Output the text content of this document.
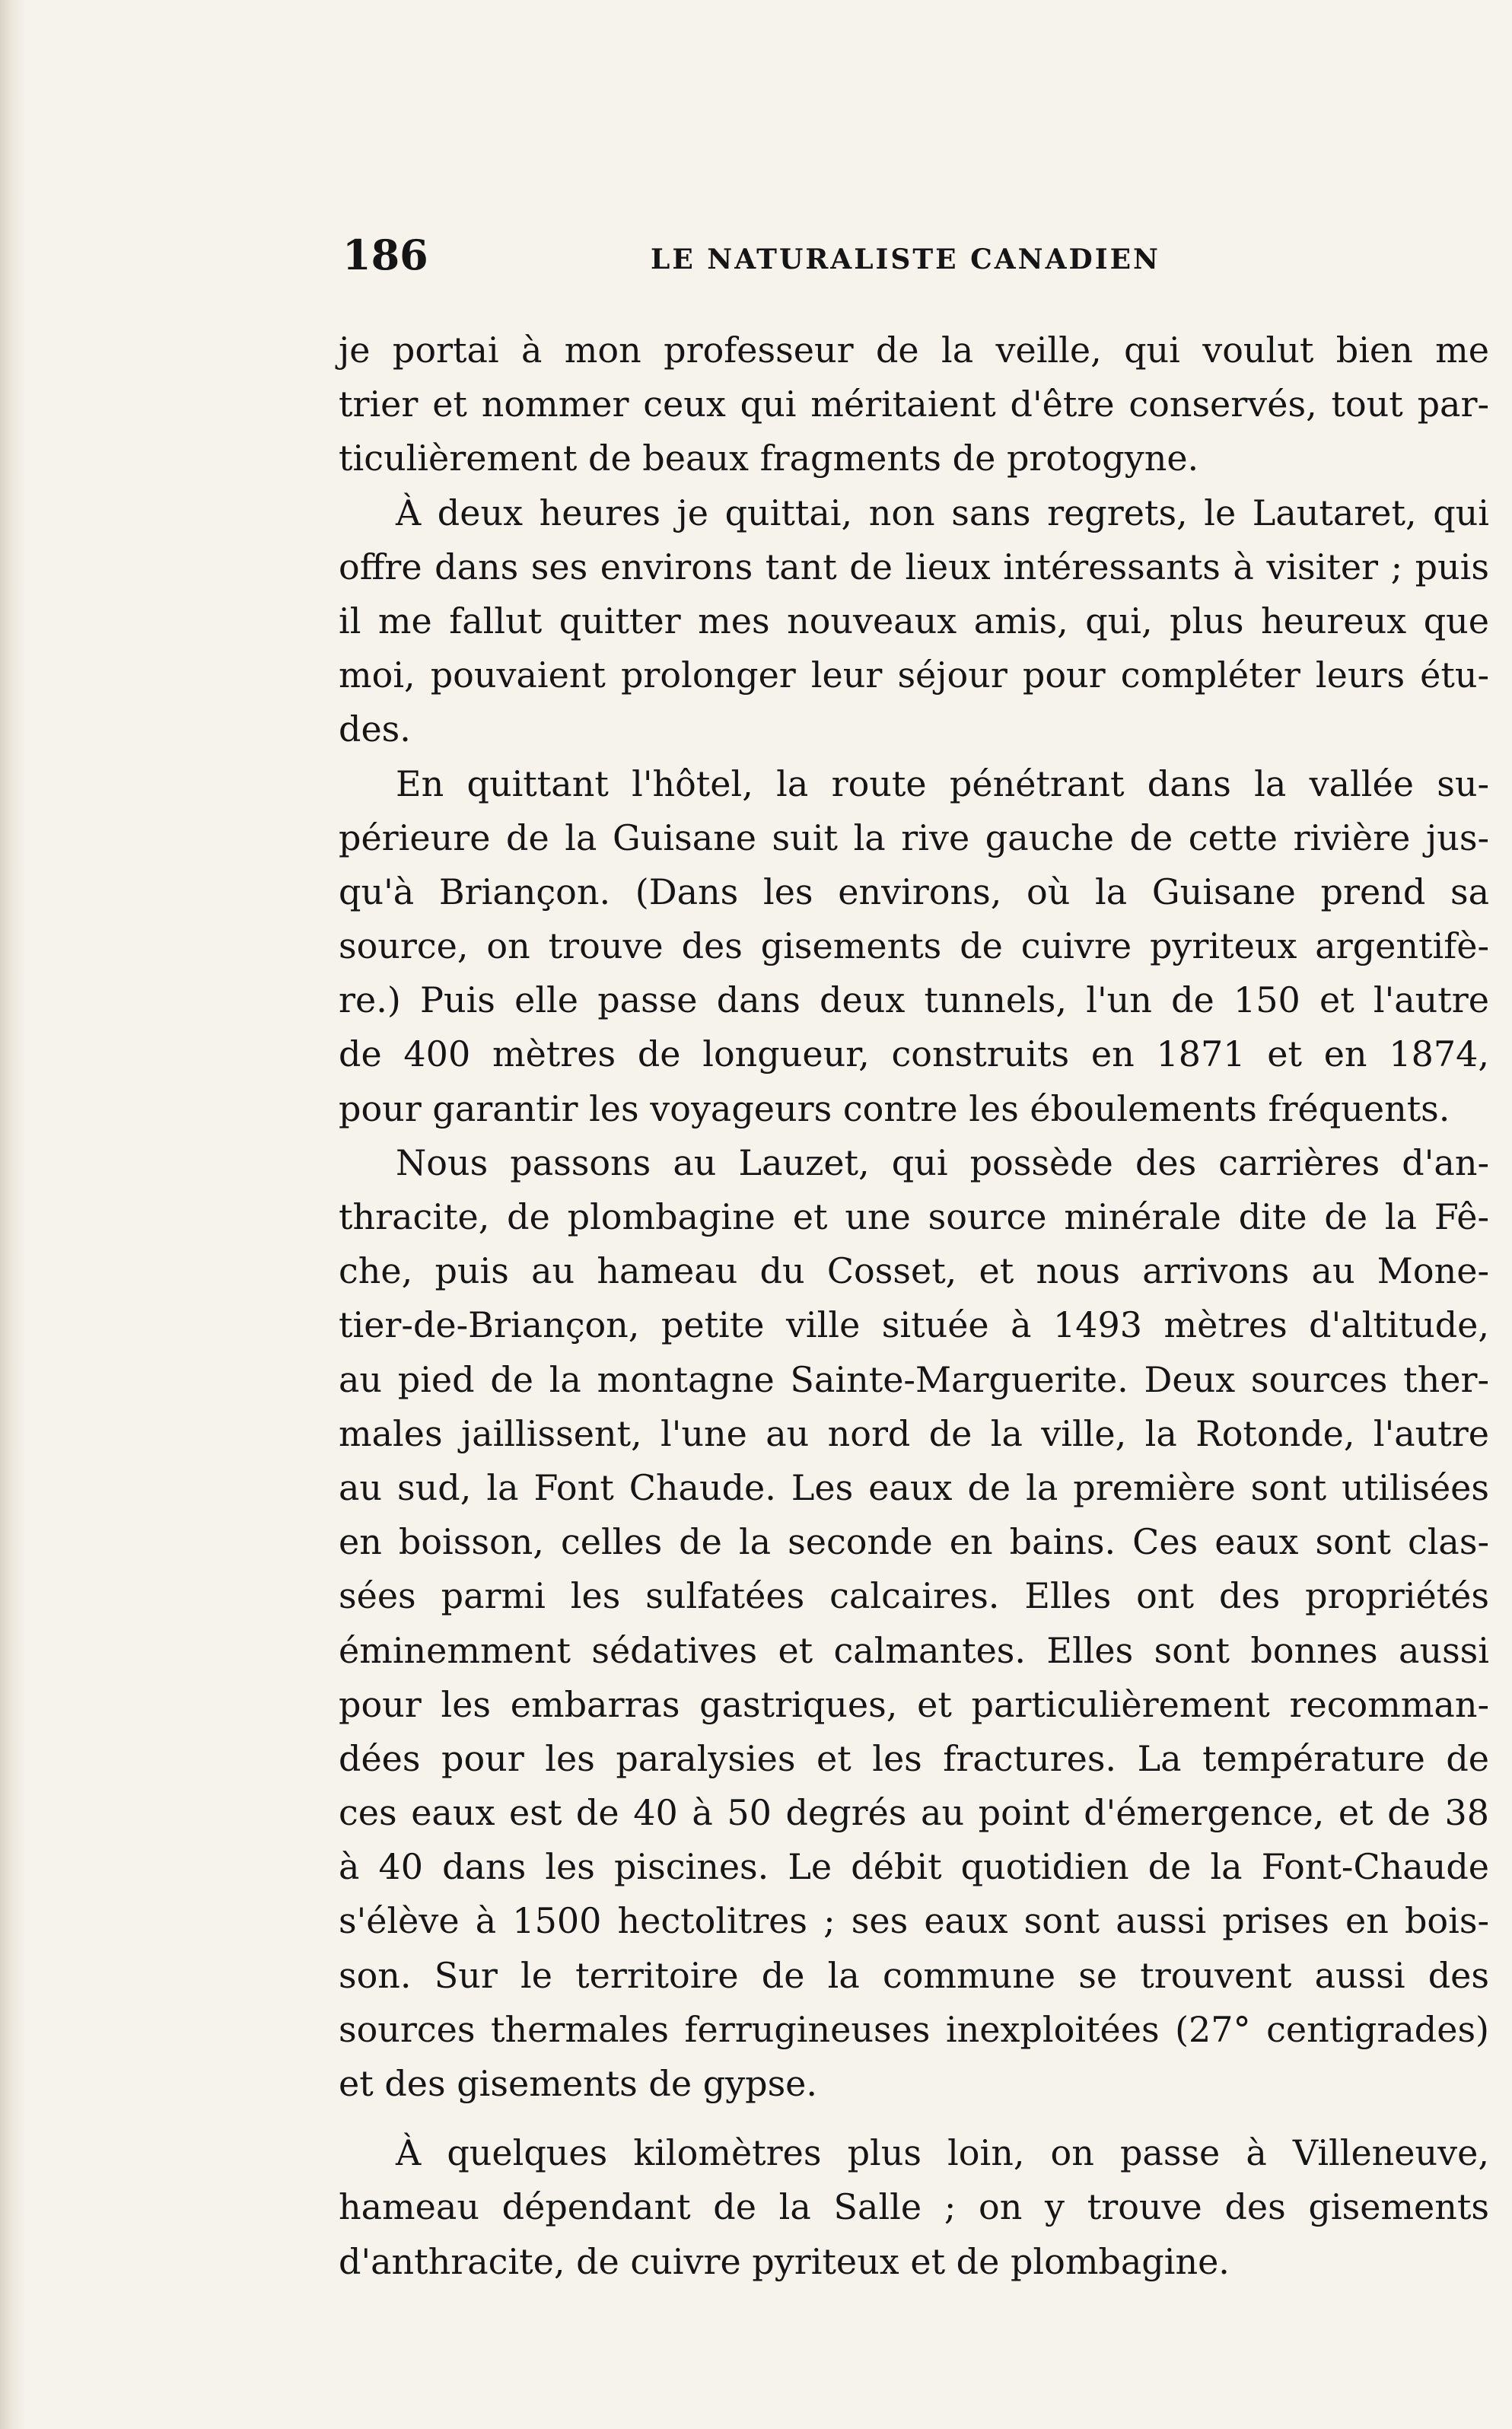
186	LE NATURALISTE CANADIEN
je portai à mon professeur de la veille, qui voulut bien me
trier et nommer ceux qui méritaient d'être conservés, tout par-
ticulièrement de beaux fragments de protogyne.
À deux heures je quittai, non sans regrets, le Lautaret, qui
offre dans ses environs tant de lieux intéressants à visiter ; puis
il me fallut quitter mes nouveaux amis, qui, plus heureux que
moi, pouvaient prolonger leur séjour pour compléter leurs étu-
des.
En quittant l'hôtel, la route pénétrant dans la vallée su-
périeure de la Guisane suit la rive gauche de cette rivière jus-
qu'à Briançon. (Dans les environs, où la Guisane prend sa
source, on trouve des gisements de cuivre pyriteux argentifè-
re.) Puis elle passe dans deux tunnels, l'un de 150 et l'autre
de 400 mètres de longueur, construits en 1871 et en 1874,
pour garantir les voyageurs contre les éboulements fréquents.
Nous passons au Lauzet, qui possède des carrières d'an-
thracite, de plombagine et une source minérale dite de la Fê-
che, puis au hameau du Cosset, et nous arrivons au Mone-
tier-de-Briançon, petite ville située à 1493 mètres d'altitude,
au pied de la montagne Sainte-Marguerite. Deux sources ther-
males jaillissent, l'une au nord de la ville, la Rotonde, l'autre
au sud, la Font Chaude. Les eaux de la première sont utilisées
en boisson, celles de la seconde en bains. Ces eaux sont clas-
sées parmi les sulfatées calcaires. Elles ont des propriétés
éminemment sédatives et calmantes. Elles sont bonnes aussi
pour les embarras gastriques, et particulièrement recomman-
dées pour les paralysies et les fractures. La température de
ces eaux est de 40 à 50 degrés au point d'émergence, et de 38
à 40 dans les piscines. Le débit quotidien de la Font-Chaude
s'élève à 1500 hectolitres ; ses eaux sont aussi prises en bois-
son. Sur le territoire de la commune se trouvent aussi des
sources thermales ferrugineuses inexploitées (27° centigrades)
et des gisements de gypse.
À quelques kilomètres plus loin, on passe à Villeneuve,
hameau dépendant de la Salle ; on y trouve des gisements
d'anthracite, de cuivre pyriteux et de plombagine.
